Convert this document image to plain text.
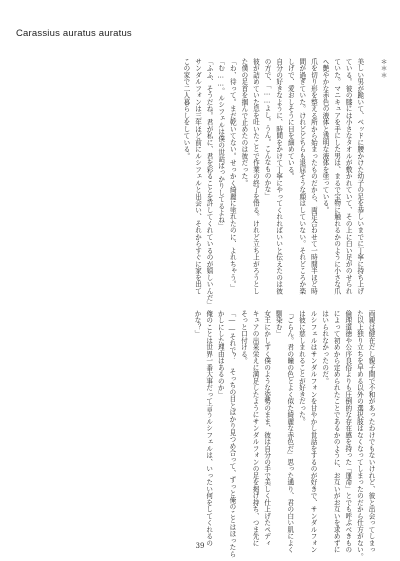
Carassius auratus auratus
＊＊＊

美しい男が跪いて、ベッドに腰かけた幼子の足を恭しいまでに丁寧に持ち上げ
ている。彼の膝には小さなタオルが敷かれていて、その上に白い足がのせられ
ていた。マニキュアを手にした男は、まるで宝物に触れるかのように小さな爪
へ艶やかな赤色の液体と透明な液体を塗っている。
爪を切り形を整える所から始まったものだから、両足合わせて一時間半ほど時
間が過ぎていた。けれどどちらも退屈そうな顔はしていない。それどころか楽
しげで、愛おしそうに目を細めている。
自分の好きなように、時間をかけて丁寧にやってくれればいいと伝えたのは彼
の方で、「……よし。うん。こんなものかな」
彼が詰めていた息を吐いたことで作業の終了を悟る。けれど立ち上がろうとし
た僕の足首を掴んで止めたのは彼だった。
「わ、待って。まだ乾いてない。せっかく綺麗に塗れたのに、よれちゃう。」
「む……。ルシフェルは僕の世話ばっかりしてるよね」
「ふふ、そうだね。君が私に、君を彩ることを許してくれているのが嬉しいんだ」
サンダルフォンは三年ほど前にルシフェルと出会い、それからすぐに家を出て
この家で二人暮らしをしている。
両親は健在だし親子間で不和があったわけでもないけれど、彼と出会ってしまっ
た以上独り立ちを早める以外の選択肢はなくなってしまったのだから仕方がない。
倫理道徳や公序良俗よりも圧倒的な存在感を持った「運命」とでも呼ぶべきもの
によって初めから定められたことであるかのように、お互いがお互いを求めずに
はいられなかったのだ。
ルシフェルはサンダルフォンを甘やかし世話をするのが好きで、サンダルフォン
は彼に慈しまれることが好きだった。
「ごらん。君の瞳の色とよく似た綺麗な赤色だ」思った通り、君の白い肌によく
馴染む」
女王にかしずく僕のような姿勢のまま、彼は自分の手で美しく仕上げたペディ
キュアの出来栄えに満足したようにサンダルフォンの足を掲げ持ち、つま先に
そっと口付ける。
「――それで？ そっちの目とばかり見つめ合って、ずっと俺のことはほったら
かしにした理由はあるのか」
俺のことは世界一番大事だって言うルシフェルは、いったい何をしてくれるの
かな？」
39
